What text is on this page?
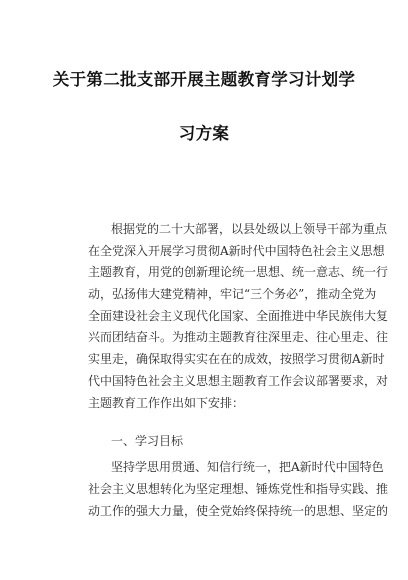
关于第二批支部开展主题教育学习计划学
习方案
根据党的二十大部署，以县处级以上领导干部为重点
在全党深入开展学习贯彻A新时代中国特色社会主义思想
主题教育，用党的创新理论统一思想、统一意志、统一行
动，弘扬伟大建党精神，牢记“三个务必”，推动全党为
全面建设社会主义现代化国家、全面推进中华民族伟大复
兴而团结奋斗。为推动主题教育往深里走、往心里走、往
实里走，确保取得实实在在的成效，按照学习贯彻A新时
代中国特色社会主义思想主题教育工作会议部署要求，对
主题教育工作作出如下安排：
一、学习目标
坚持学思用贯通、知信行统一，把A新时代中国特色
社会主义思想转化为坚定理想、锤炼党性和指导实践、推
动工作的强大力量，使全党始终保持统一的思想、坚定的
